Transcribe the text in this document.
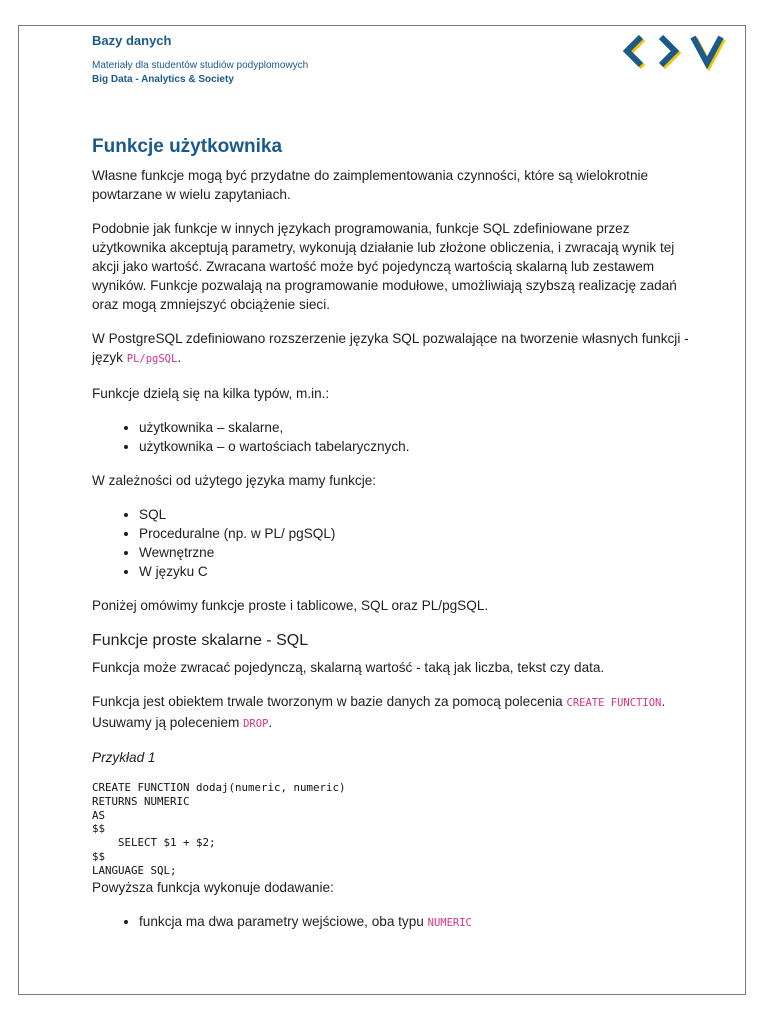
Bazy danych
Materiały dla studentów studiów podyplomowych
Big Data - Analytics & Society
Funkcje użytkownika

Własne funkcje mogą być przydatne do zaimplementowania czynności, które są wielokrotnie powtarzane w wielu zapytaniach.

Podobnie jak funkcje w innych językach programowania, funkcje SQL zdefiniowane przez użytkownika akceptują parametry, wykonują działanie lub złożone obliczenia, i zwracają wynik tej akcji jako wartość. Zwracana wartość może być pojedynczą wartością skalarną lub zestawem wyników. Funkcje pozwalają na programowanie modułowe, umożliwiają szybszą realizację zadań oraz mogą zmniejszyć obciążenie sieci.

W PostgreSQL zdefiniowano rozszerzenie języka SQL pozwalające na tworzenie własnych funkcji - język PL/pgSQL.

Funkcje dzielą się na kilka typów, m.in.:

• użytkownika – skalarne,
• użytkownika – o wartościach tabelarycznych.

W zależności od użytego języka mamy funkcje:

• SQL
• Proceduralne (np. w PL/ pgSQL)
• Wewnętrzne
• W języku C

Poniżej omówimy funkcje proste i tablicowe, SQL oraz PL/pgSQL.

Funkcje proste skalarne - SQL

Funkcja może zwracać pojedynczą, skalarną wartość - taką jak liczba, tekst czy data.

Funkcja jest obiektem trwale tworzonym w bazie danych za pomocą polecenia CREATE FUNCTION. Usuwamy ją poleceniem DROP.

Przykład 1

CREATE FUNCTION dodaj(numeric, numeric)
RETURNS NUMERIC
AS
$$
SELECT $1 + $2;
$$
LANGUAGE SQL;

Powyższa funkcja wykonuje dodawanie:

• funkcja ma dwa parametry wejściowe, oba typu NUMERIC
